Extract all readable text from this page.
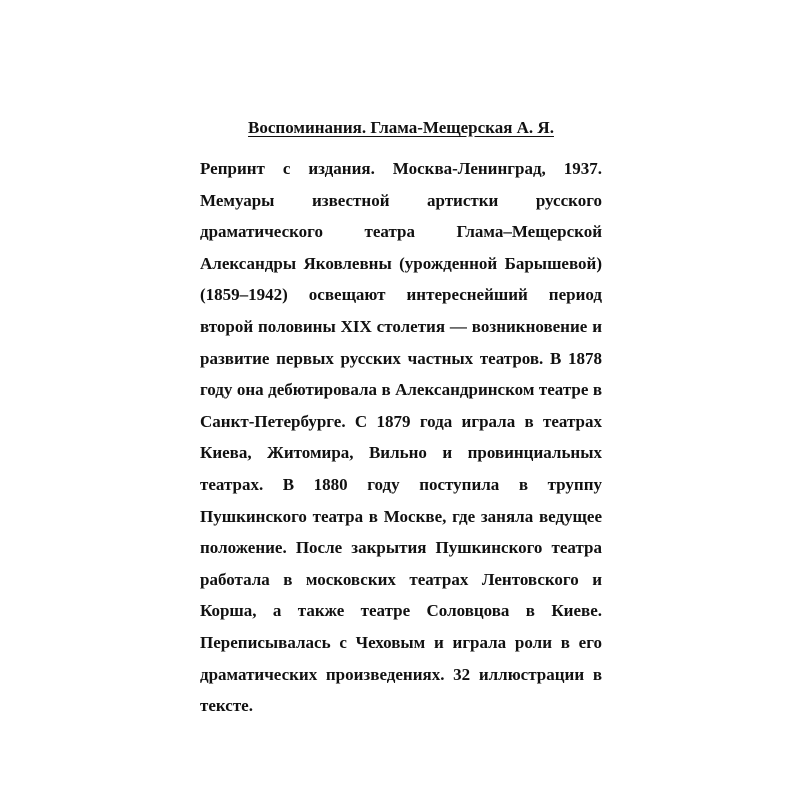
Воспоминания. Глама-Мещерская А. Я.
Репринт с издания. Москва-Ленинград, 1937.
Мемуары известной артистки русского
драматического театра Глама–Мещерской
Александры Яковлевны (урожденной Барышевой)
(1859–1942) освещают интереснейший период
второй половины XIX столетия — возникновение и
развитие первых русских частных театров. В 1878
году она дебютировала в Александринском театре в
Санкт-Петербурге. С 1879 года играла в театрах
Киева, Житомира, Вильно и провинциальных
театрах. В 1880 году поступила в труппу
Пушкинского театра в Москве, где заняла ведущее
положение. После закрытия Пушкинского театра
работала в московских театрах Лентовского и
Корша, а также театре Соловцова в Киеве.
Переписывалась с Чеховым и играла роли в его
драматических произведениях. 32 иллюстрации в
тексте.
